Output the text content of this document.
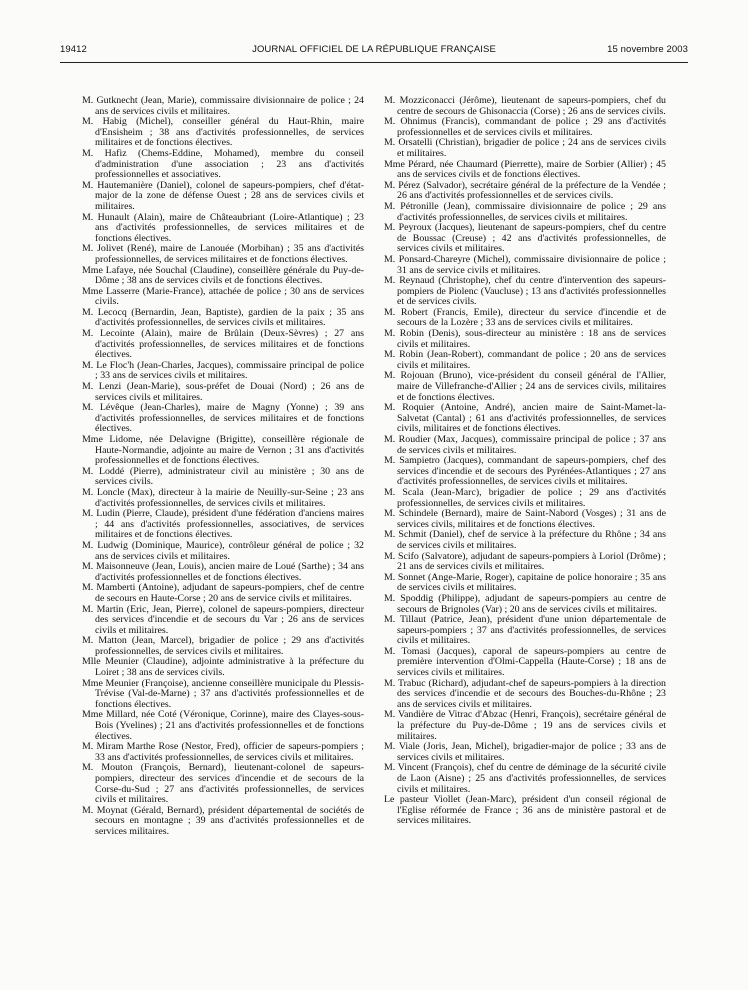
19412	JOURNAL OFFICIEL DE LA RÉPUBLIQUE FRANÇAISE	15 novembre 2003
M. Gutknecht (Jean, Marie), commissaire divisionnaire de police ; 24 ans de services civils et militaires.
M. Habig (Michel), conseiller général du Haut-Rhin, maire d'Ensisheim ; 38 ans d'activités professionnelles, de services militaires et de fonctions électives.
M. Hafiz (Chems-Eddine, Mohamed), membre du conseil d'administration d'une association ; 23 ans d'activités professionnelles et associatives.
M. Hautemanière (Daniel), colonel de sapeurs-pompiers, chef d'état-major de la zone de défense Ouest ; 28 ans de services civils et militaires.
M. Hunault (Alain), maire de Châteaubriant (Loire-Atlantique) ; 23 ans d'activités professionnelles, de services militaires et de fonctions électives.
M. Jolivet (René), maire de Lanouée (Morbihan) ; 35 ans d'activités professionnelles, de services militaires et de fonctions électives.
Mme Lafaye, née Souchal (Claudine), conseillère générale du Puy-de-Dôme ; 38 ans de services civils et de fonctions électives.
Mme Lasserre (Marie-France), attachée de police ; 30 ans de services civils.
M. Lecocq (Bernardin, Jean, Baptiste), gardien de la paix ; 35 ans d'activités professionnelles, de services civils et militaires.
M. Lecointe (Alain), maire de Brûlain (Deux-Sèvres) ; 27 ans d'activités professionnelles, de services militaires et de fonctions électives.
M. Le Floc'h (Jean-Charles, Jacques), commissaire principal de police ; 33 ans de services civils et militaires.
M. Lenzi (Jean-Marie), sous-préfet de Douai (Nord) ; 26 ans de services civils et militaires.
M. Lévêque (Jean-Charles), maire de Magny (Yonne) ; 39 ans d'activités professionnelles, de services militaires et de fonctions électives.
Mme Lidome, née Delavigne (Brigitte), conseillère régionale de Haute-Normandie, adjointe au maire de Vernon ; 31 ans d'activités professionnelles et de fonctions électives.
M. Loddé (Pierre), administrateur civil au ministère ; 30 ans de services civils.
M. Loncle (Max), directeur à la mairie de Neuilly-sur-Seine ; 23 ans d'activités professionnelles, de services civils et militaires.
M. Ludin (Pierre, Claude), président d'une fédération d'anciens maires ; 44 ans d'activités professionnelles, associatives, de services militaires et de fonctions électives.
M. Ludwig (Dominique, Maurice), contrôleur général de police ; 32 ans de services civils et militaires.
M. Maisonneuve (Jean, Louis), ancien maire de Loué (Sarthe) ; 34 ans d'activités professionnelles et de fonctions électives.
M. Mamberti (Antoine), adjudant de sapeurs-pompiers, chef de centre de secours en Haute-Corse ; 20 ans de service civils et militaires.
M. Martin (Eric, Jean, Pierre), colonel de sapeurs-pompiers, directeur des services d'incendie et de secours du Var ; 26 ans de services civils et militaires.
M. Matton (Jean, Marcel), brigadier de police ; 29 ans d'activités professionnelles, de services civils et militaires.
Mlle Meunier (Claudine), adjointe administrative à la préfecture du Loiret ; 38 ans de services civils.
Mme Meunier (Françoise), ancienne conseillère municipale du Plessis-Trévise (Val-de-Marne) ; 37 ans d'activités professionnelles et de fonctions électives.
Mme Millard, née Coté (Véronique, Corinne), maire des Clayes-sous-Bois (Yvelines) ; 21 ans d'activités professionnelles et de fonctions électives.
M. Miram Marthe Rose (Nestor, Fred), officier de sapeurs-pompiers ; 33 ans d'activités professionnelles, de services civils et militaires.
M. Mouton (François, Bernard), lieutenant-colonel de sapeurs-pompiers, directeur des services d'incendie et de secours de la Corse-du-Sud ; 27 ans d'activités professionnelles, de services civils et militaires.
M. Moynat (Gérald, Bernard), président départemental de sociétés de secours en montagne ; 39 ans d'activités professionnelles et de services militaires.
M. Mozziconacci (Jérôme), lieutenant de sapeurs-pompiers, chef du centre de secours de Ghisonaccia (Corse) ; 26 ans de services civils.
M. Ohnimus (Francis), commandant de police ; 29 ans d'activités professionnelles et de services civils et militaires.
M. Orsatelli (Christian), brigadier de police ; 24 ans de services civils et militaires.
Mme Pérard, née Chaumard (Pierrette), maire de Sorbier (Allier) ; 45 ans de services civils et de fonctions électives.
M. Pérez (Salvador), secrétaire général de la préfecture de la Vendée ; 26 ans d'activités professionnelles et de services civils.
M. Pétronille (Jean), commissaire divisionnaire de police ; 29 ans d'activités professionnelles, de services civils et militaires.
M. Peyroux (Jacques), lieutenant de sapeurs-pompiers, chef du centre de Boussac (Creuse) ; 42 ans d'activités professionnelles, de services civils et militaires.
M. Ponsard-Chareyre (Michel), commissaire divisionnaire de police ; 31 ans de service civils et militaires.
M. Reynaud (Christophe), chef du centre d'intervention des sapeurs-pompiers de Piolenc (Vaucluse) ; 13 ans d'activités professionnelles et de services civils.
M. Robert (Francis, Emile), directeur du service d'incendie et de secours de la Lozère ; 33 ans de services civils et militaires.
M. Robin (Denis), sous-directeur au ministère : 18 ans de services civils et militaires.
M. Robin (Jean-Robert), commandant de police ; 20 ans de services civils et militaires.
M. Rojouan (Bruno), vice-président du conseil général de l'Allier, maire de Villefranche-d'Allier ; 24 ans de services civils, militaires et de fonctions électives.
M. Roquier (Antoine, André), ancien maire de Saint-Mamet-la-Salvetat (Cantal) ; 61 ans d'activités professionnelles, de services civils, militaires et de fonctions électives.
M. Roudier (Max, Jacques), commissaire principal de police ; 37 ans de services civils et militaires.
M. Sampietro (Jacques), commandant de sapeurs-pompiers, chef des services d'incendie et de secours des Pyrénées-Atlantiques ; 27 ans d'activités professionnelles, de services civils et militaires.
M. Scala (Jean-Marc), brigadier de police ; 29 ans d'activités professionnelles, de services civils et militaires.
M. Schindele (Bernard), maire de Saint-Nabord (Vosges) ; 31 ans de services civils, militaires et de fonctions électives.
M. Schmit (Daniel), chef de service à la préfecture du Rhône ; 34 ans de services civils et militaires.
M. Scifo (Salvatore), adjudant de sapeurs-pompiers à Loriol (Drôme) ; 21 ans de services civils et militaires.
M. Sonnet (Ange-Marie, Roger), capitaine de police honoraire ; 35 ans de services civils et militaires.
M. Spoddig (Philippe), adjudant de sapeurs-pompiers au centre de secours de Brignoles (Var) ; 20 ans de services civils et militaires.
M. Tillaut (Patrice, Jean), président d'une union départementale de sapeurs-pompiers ; 37 ans d'activités professionnelles, de services civils et militaires.
M. Tomasi (Jacques), caporal de sapeurs-pompiers au centre de première intervention d'Olmi-Cappella (Haute-Corse) ; 18 ans de services civils et militaires.
M. Trabuc (Richard), adjudant-chef de sapeurs-pompiers à la direction des services d'incendie et de secours des Bouches-du-Rhône ; 23 ans de services civils et militaires.
M. Vandière de Vitrac d'Abzac (Henri, François), secrétaire général de la préfecture du Puy-de-Dôme ; 19 ans de services civils et militaires.
M. Viale (Joris, Jean, Michel), brigadier-major de police ; 33 ans de services civils et militaires.
M. Vincent (François), chef du centre de déminage de la sécurité civile de Laon (Aisne) ; 25 ans d'activités professionnelles, de services civils et militaires.
Le pasteur Viollet (Jean-Marc), président d'un conseil régional de l'Eglise réformée de France ; 36 ans de ministère pastoral et de services militaires.
